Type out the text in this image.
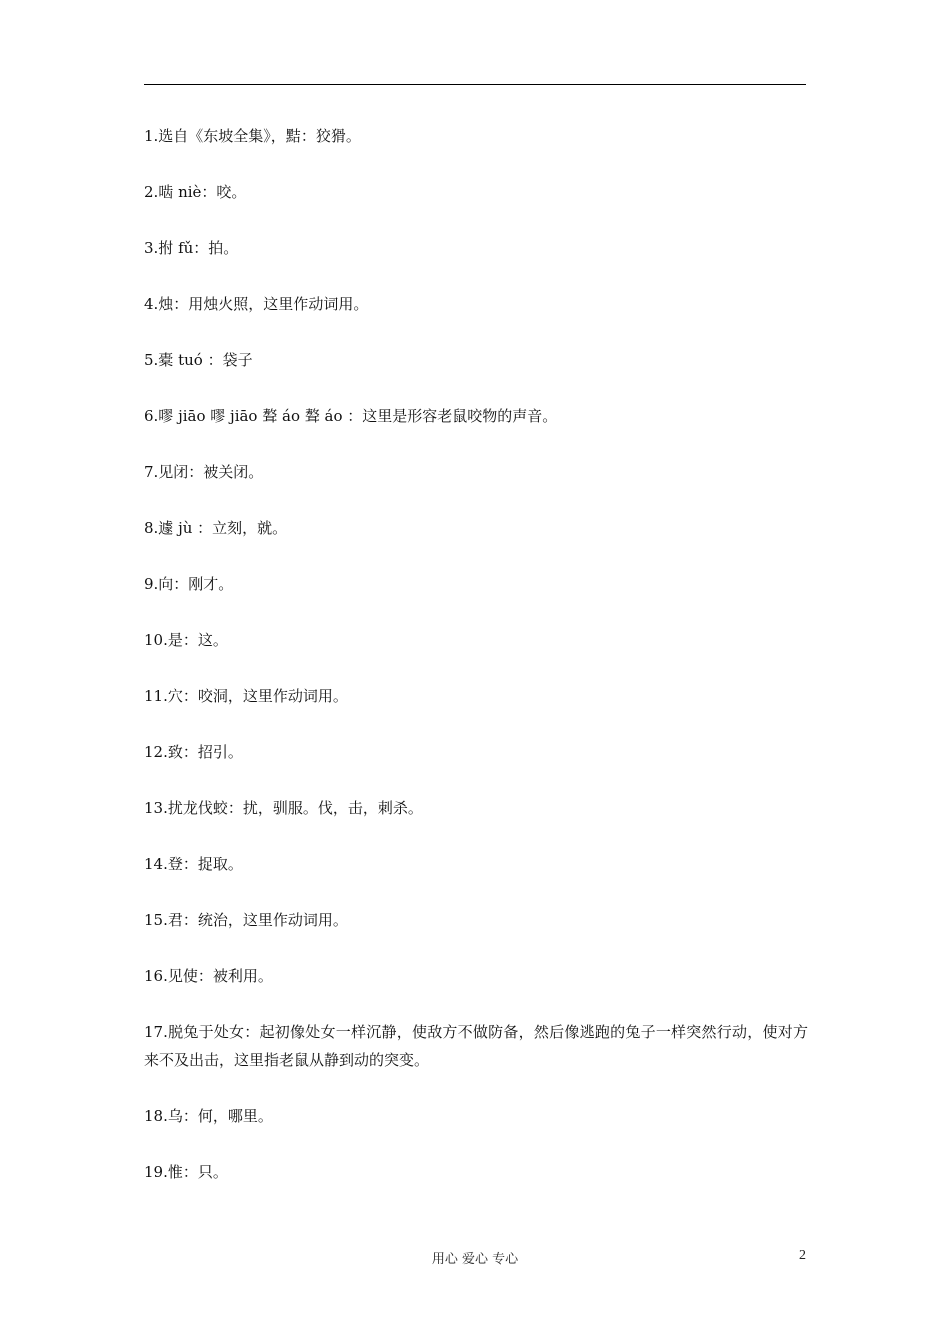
1.选自《东坡全集》，黠：狡猾。
2.啮 niè：咬。
3.拊 fǔ：拍。
4.烛：用烛火照，这里作动词用。
5.橐 tuó ：袋子
6.嘐 jiāo 嘐 jiāo 聱 áo 聱 áo ：这里是形容老鼠咬物的声音。
7.见闭：被关闭。
8.遽 jù ：立刻，就。
9.向：刚才。
10.是：这。
11.穴：咬洞，这里作动词用。
12.致：招引。
13.扰龙伐蛟：扰，驯服。伐，击，刺杀。
14.登：捉取。
15.君：统治，这里作动词用。
16.见使：被利用。
17.脱兔于处女：起初像处女一样沉静，使敌方不做防备，然后像逃跑的兔子一样突然行动，使对方来不及出击，这里指老鼠从静到动的突变。
18.乌：何，哪里。
19.惟：只。
用心 爱心 专心	2
